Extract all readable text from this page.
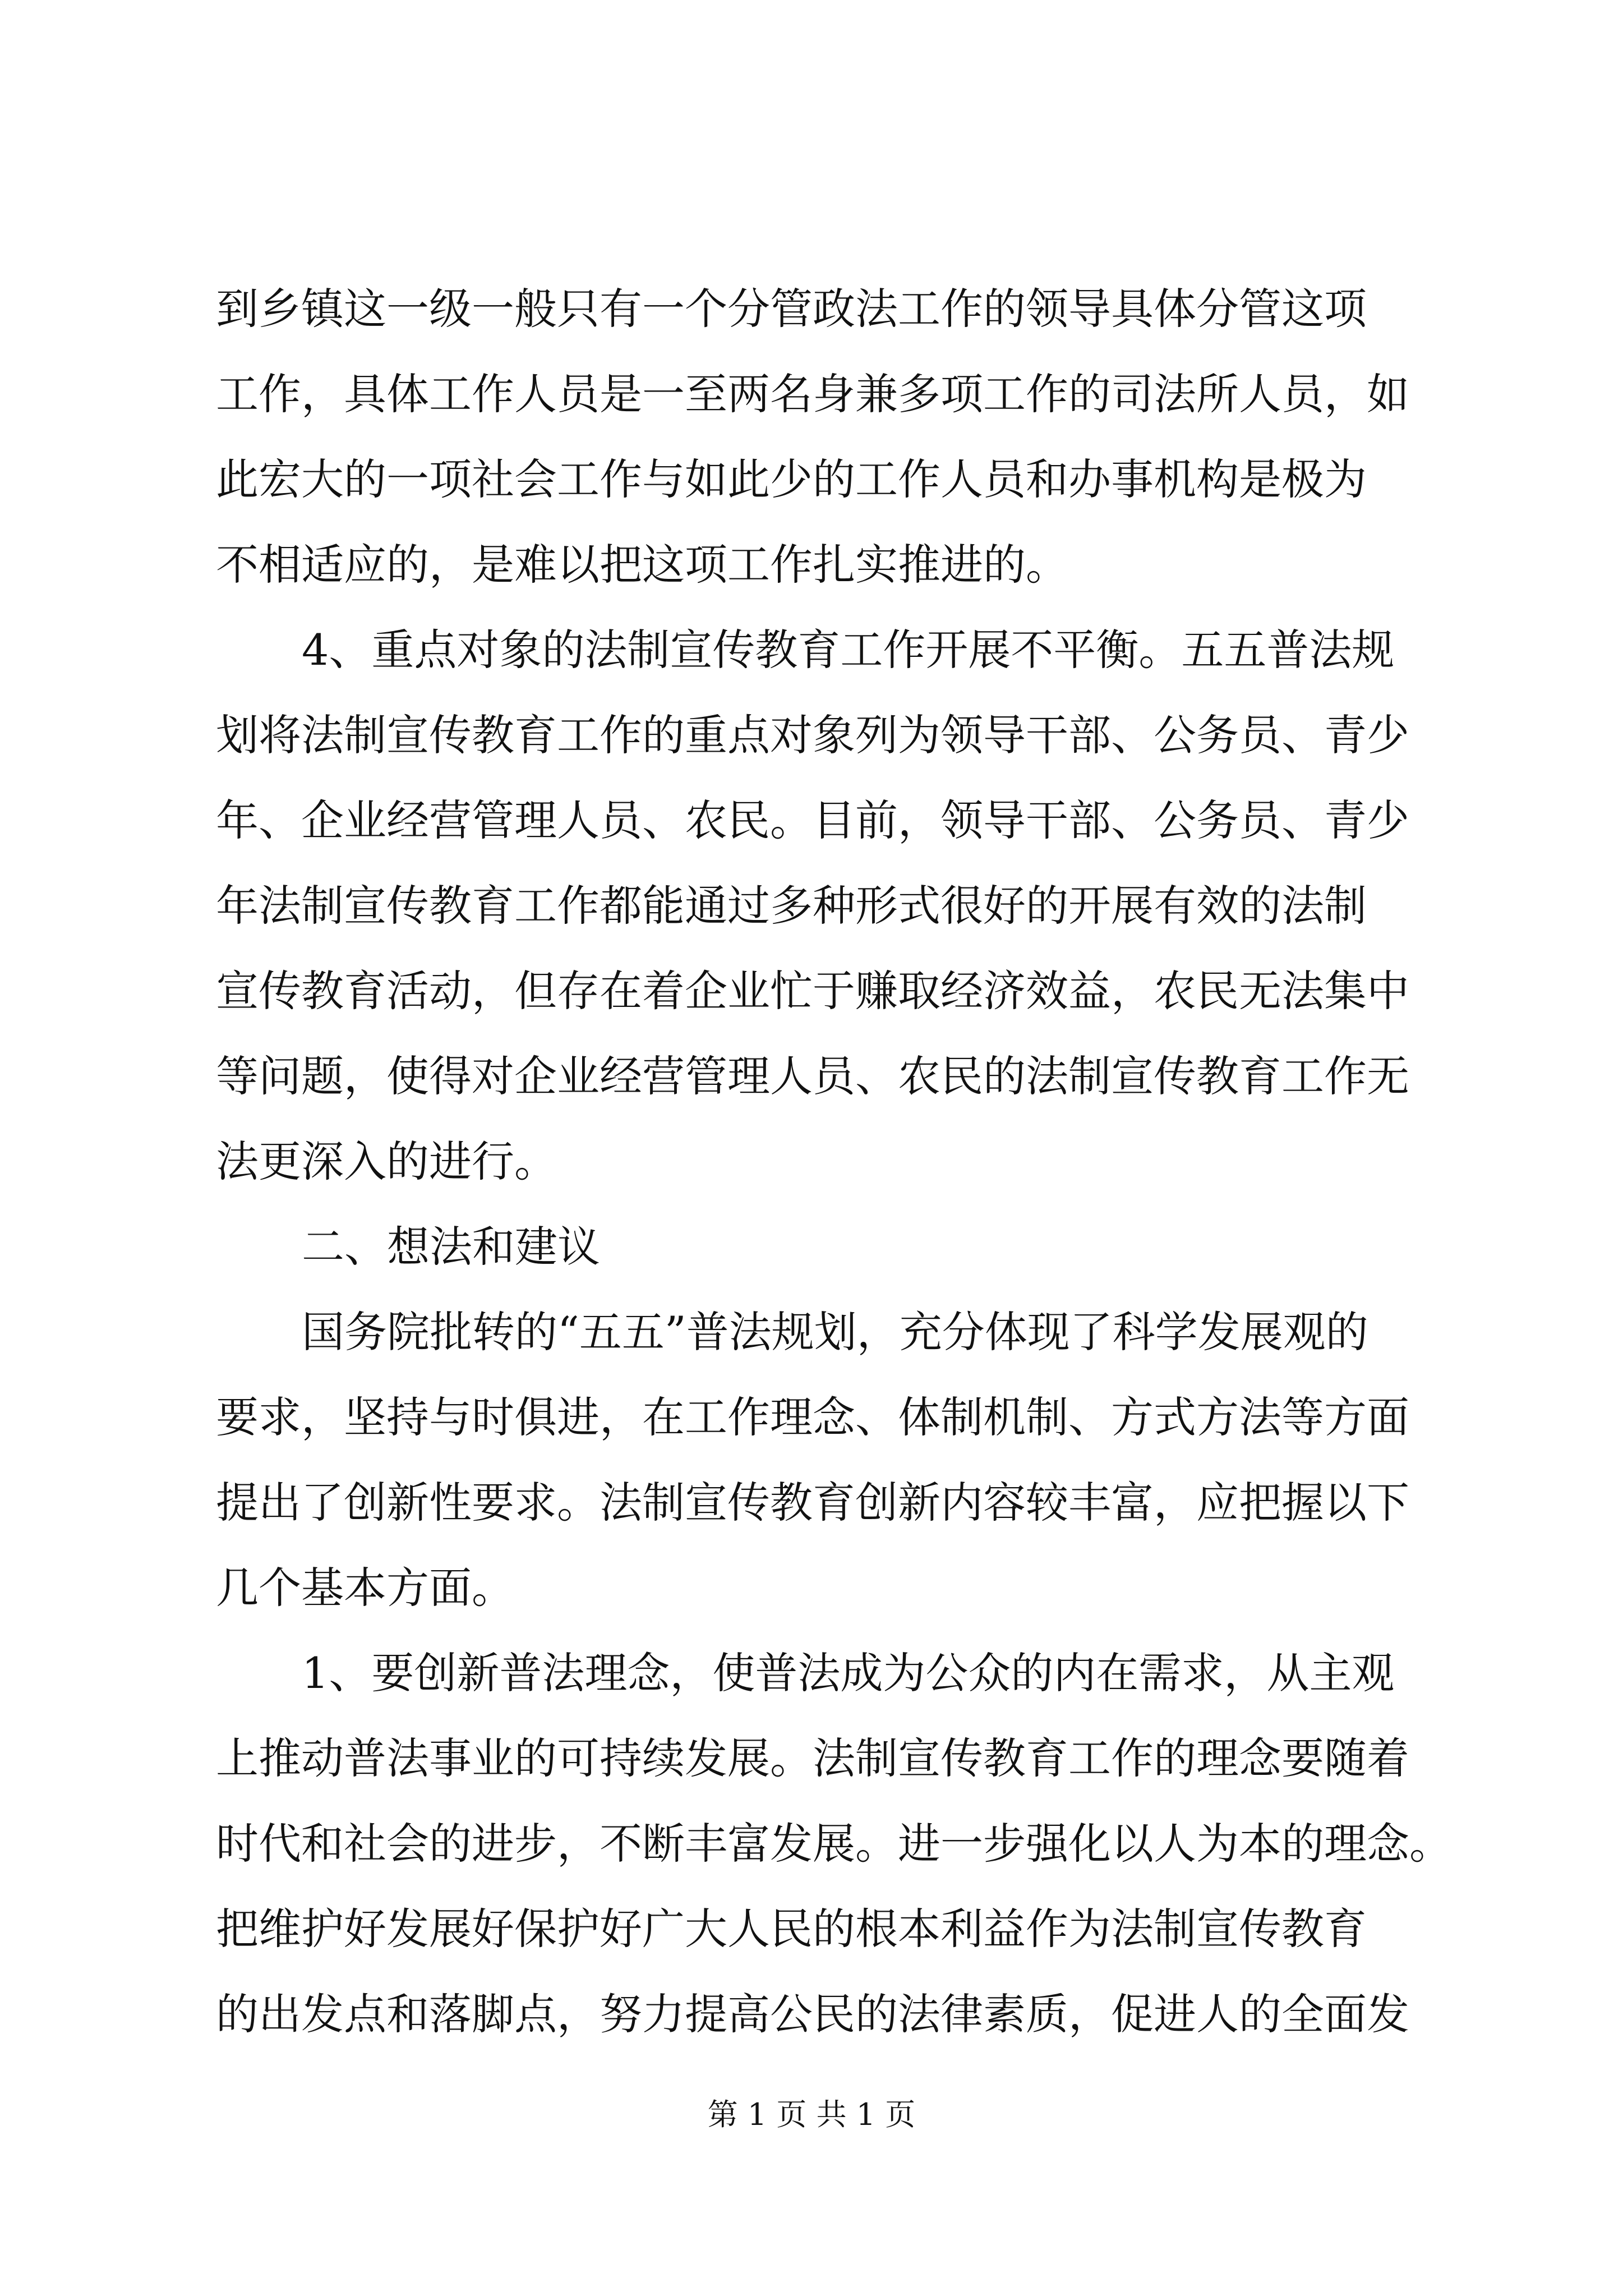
到乡镇这一级一般只有一个分管政法工作的领导具体分管这项
工作，具体工作人员是一至两名身兼多项工作的司法所人员，如
此宏大的一项社会工作与如此少的工作人员和办事机构是极为
不相适应的，是难以把这项工作扎实推进的。
4、重点对象的法制宣传教育工作开展不平衡。五五普法规
划将法制宣传教育工作的重点对象列为领导干部、公务员、青少
年、企业经营管理人员、农民。目前，领导干部、公务员、青少
年法制宣传教育工作都能通过多种形式很好的开展有效的法制
宣传教育活动，但存在着企业忙于赚取经济效益，农民无法集中
等问题，使得对企业经营管理人员、农民的法制宣传教育工作无
法更深入的进行。
二、想法和建议
国务院批转的“五五”普法规划，充分体现了科学发展观的
要求，坚持与时俱进，在工作理念、体制机制、方式方法等方面
提出了创新性要求。法制宣传教育创新内容较丰富，应把握以下
几个基本方面。
1、要创新普法理念，使普法成为公众的内在需求，从主观
上推动普法事业的可持续发展。法制宣传教育工作的理念要随着
时代和社会的进步，不断丰富发展。进一步强化以人为本的理念。
把维护好发展好保护好广大人民的根本利益作为法制宣传教育
的出发点和落脚点，努力提高公民的法律素质，促进人的全面发
第 1 页 共 1 页
